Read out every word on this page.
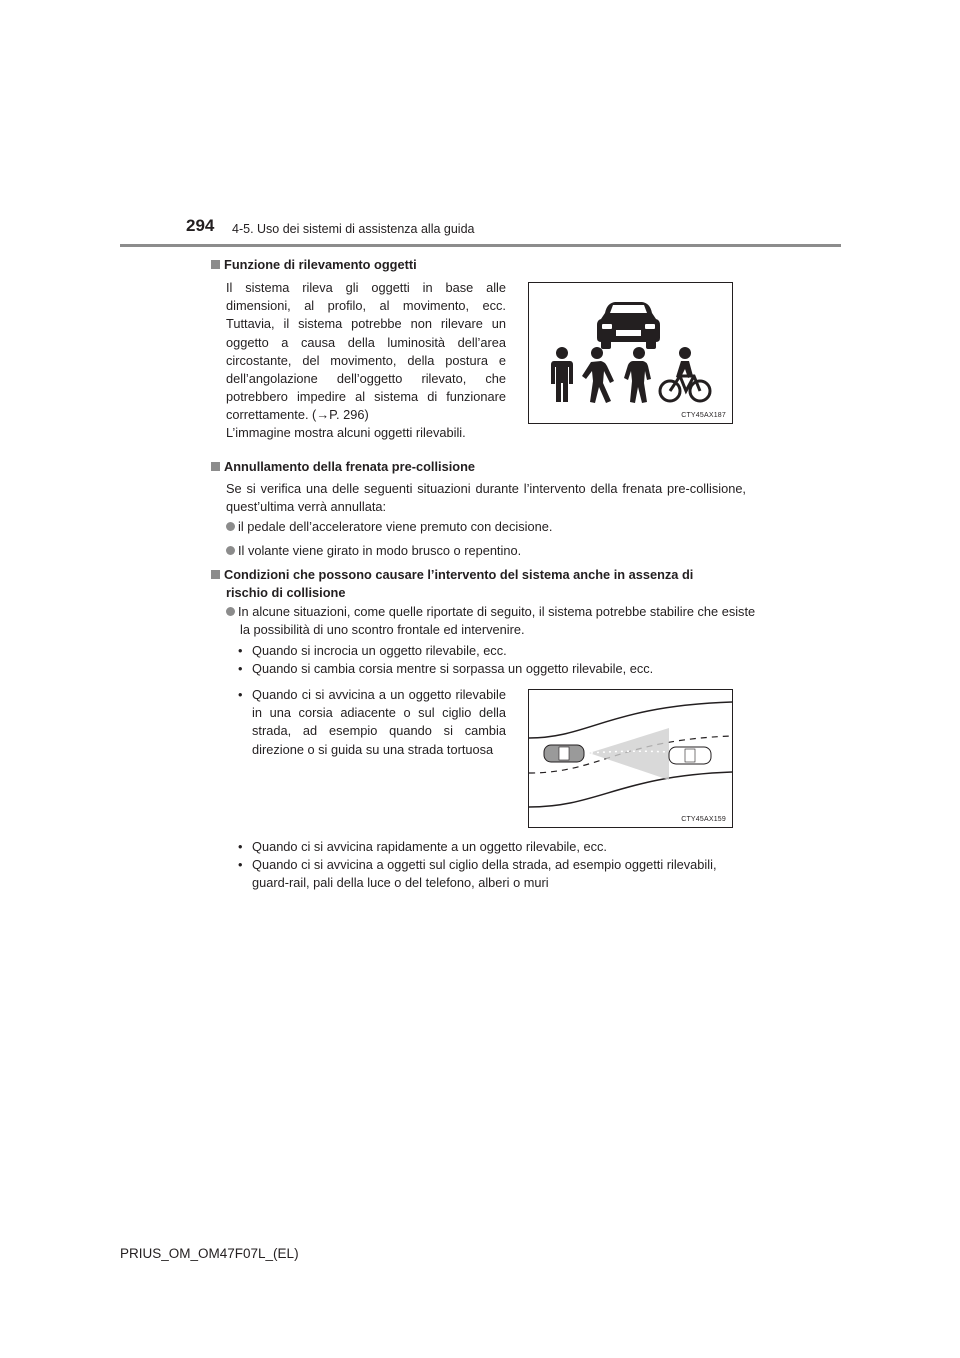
294 4-5. Uso dei sistemi di assistenza alla guida
Funzione di rilevamento oggetti
Il sistema rileva gli oggetti in base alle dimensioni, al profilo, al movimento, ecc. Tuttavia, il sistema potrebbe non rilevare un oggetto a causa della luminosità dell’area circostante, del movimento, della postura e dell’angolazione dell’oggetto rilevato, che potrebbero impedire al sistema di funzionare correttamente. (→P. 296)
L’immagine mostra alcuni oggetti rilevabili.
CTY45AX187
Annullamento della frenata pre-collisione
Se si verifica una delle seguenti situazioni durante l’intervento della frenata pre-collisione, quest’ultima verrà annullata:
il pedale dell’acceleratore viene premuto con decisione.
Il volante viene girato in modo brusco o repentino.
Condizioni che possono causare l’intervento del sistema anche in assenza di
rischio di collisione
In alcune situazioni, come quelle riportate di seguito, il sistema potrebbe stabilire che esiste la possibilità di uno scontro frontale ed intervenire.
• Quando si incrocia un oggetto rilevabile, ecc.
• Quando si cambia corsia mentre si sorpassa un oggetto rilevabile, ecc.
• Quando ci si avvicina a un oggetto rilevabile in una corsia adiacente o sul ciglio della strada, ad esempio quando si cambia direzione o si guida su una strada tortuosa
CTY45AX159
• Quando ci si avvicina rapidamente a un oggetto rilevabile, ecc.
• Quando ci si avvicina a oggetti sul ciglio della strada, ad esempio oggetti rilevabili, guard-rail, pali della luce o del telefono, alberi o muri
PRIUS_OM_OM47F07L_(EL)
